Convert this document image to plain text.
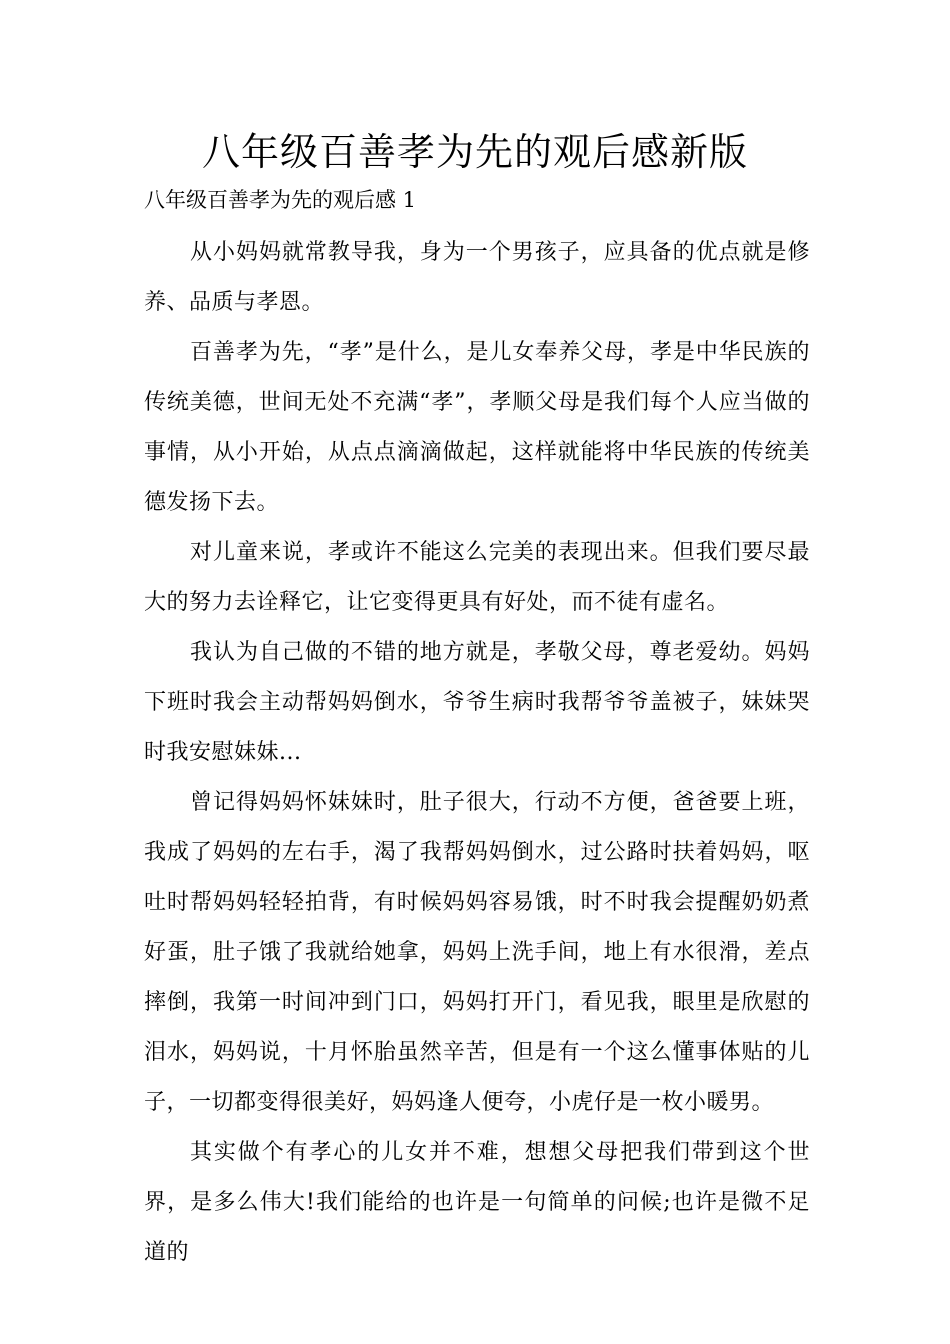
八年级百善孝为先的观后感新版

八年级百善孝为先的观后感 1

从小妈妈就常教导我，身为一个男孩子，应具备的优点就是修养、品质与孝恩。

百善孝为先，“孝”是什么，是儿女奉养父母，孝是中华民族的传统美德，世间无处不充满“孝”，孝顺父母是我们每个人应当做的事情，从小开始，从点点滴滴做起，这样就能将中华民族的传统美德发扬下去。

对儿童来说，孝或许不能这么完美的表现出来。但我们要尽最大的努力去诠释它，让它变得更具有好处，而不徒有虚名。

我认为自己做的不错的地方就是，孝敬父母，尊老爱幼。妈妈下班时我会主动帮妈妈倒水，爷爷生病时我帮爷爷盖被子，妹妹哭时我安慰妹妹...

曾记得妈妈怀妹妹时，肚子很大，行动不方便，爸爸要上班，我成了妈妈的左右手，渴了我帮妈妈倒水，过公路时扶着妈妈，呕吐时帮妈妈轻轻拍背，有时候妈妈容易饿，时不时我会提醒奶奶煮好蛋，肚子饿了我就给她拿，妈妈上洗手间，地上有水很滑，差点摔倒，我第一时间冲到门口，妈妈打开门，看见我，眼里是欣慰的泪水，妈妈说，十月怀胎虽然辛苦，但是有一个这么懂事体贴的儿子，一切都变得很美好，妈妈逢人便夸，小虎仔是一枚小暖男。

其实做个有孝心的儿女并不难，想想父母把我们带到这个世界，是多么伟大!我们能给的也许是一句简单的问候;也许是微不足道的
